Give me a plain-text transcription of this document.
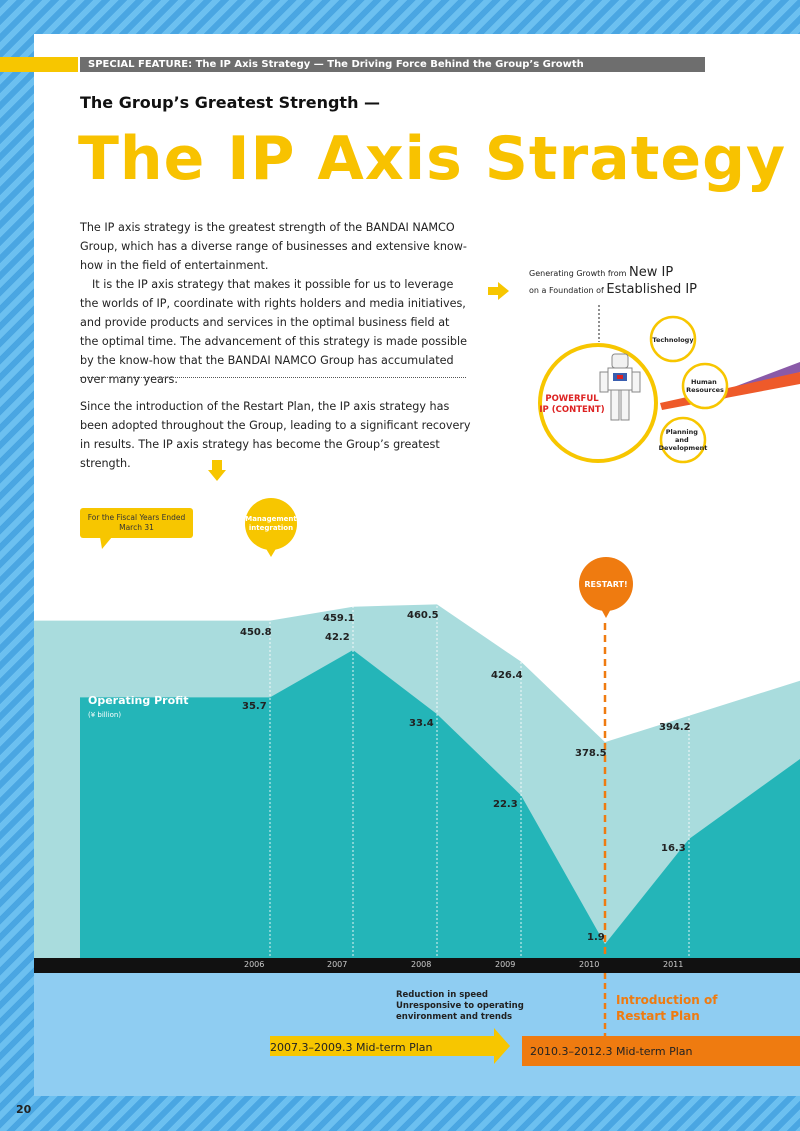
SPECIAL FEATURE: The IP Axis Strategy — The Driving Force Behind the Group’s Growth
The Group’s Greatest Strength —
The IP Axis Strategy

The IP axis strategy is the greatest strength of the BANDAI NAMCO Group, which has a diverse range of businesses and extensive know-how in the field of entertainment.

It is the IP axis strategy that makes it possible for us to leverage the worlds of IP, coordinate with rights holders and media initiatives, and provide products and services in the optimal business field at the optimal time. The advancement of this strategy is made possible by the know-how that the BANDAI NAMCO Group has accumulated over many years.

Since the introduction of the Restart Plan, the IP axis strategy has been adopted throughout the Group, leading to a significant recovery in results. The IP axis strategy has become the Group’s greatest strength.
Generating Growth from New IP
on a Foundation of Established IP
POWERFUL
IP (CONTENT)
Technology
Human Resources
Planning and Development
For the Fiscal Years Ended March 31
Net Sales
(¥ billion)
Operating Profit
(¥ billion)
450.8
459.1	460.5
426.4
378.5
394.2
35.7
42.2
33.4
22.3
1.9
16.3
Management
integration
RESTART!
2006	2007	2008	2009	2010	2011
Reduction in speed
Unresponsive to operating
environment and trends
Introduction of
Restart Plan
2007.3–2009.3 Mid-term Plan	2010.3–2012.3 Mid-term Plan
20
